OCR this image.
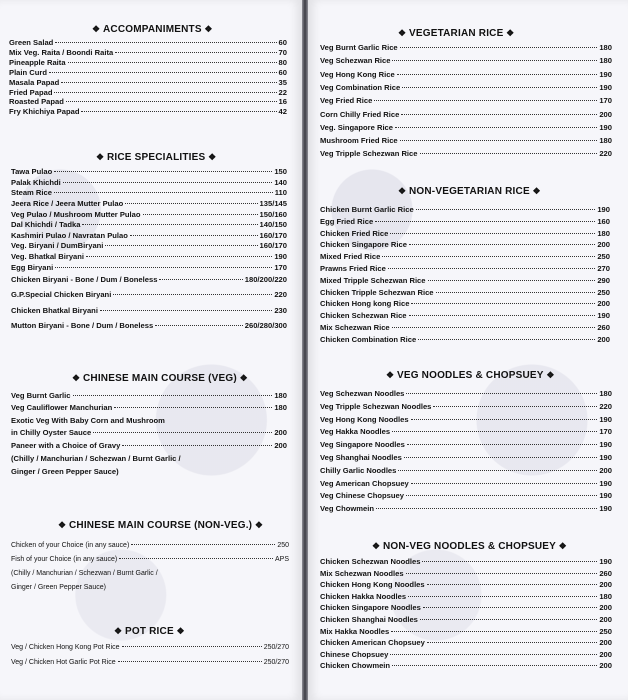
❖ ACCOMPANIMENTS ❖
Green Salad	60
Mix Veg. Raita / Boondi Raita	70
Pineapple Raita	80
Plain Curd	60
Masala Papad	35
Fried Papad	22
Roasted Papad	16
Fry Khichiya Papad	42
❖ RICE SPECIALITIES ❖
Tawa Pulao	150
Palak Khichdi	140
Steam Rice	110
Jeera Rice / Jeera Mutter Pulao	135/145
Veg Pulao / Mushroom Mutter Pulao	150/160
Dal Khichdi / Tadka	140/150
Kashmiri Pulao / Navratan Pulao	160/170
Veg. Biryani / DumBiryani	160/170
Veg. Bhatkal Biryani	190
Egg Biryani	170
Chicken Biryani - Bone / Dum / Boneless	180/200/220
G.P.Special Chicken Biryani	220
Chicken Bhatkal Biryani	230
Mutton Biryani - Bone / Dum / Boneless	260/280/300
❖ CHINESE MAIN COURSE (VEG) ❖
Veg Burnt Garlic	180
Veg Cauliflower Manchurian	180
Exotic Veg With Baby Corn and Mushroom
in Chilly Oyster Sauce	200
Paneer with a Choice of Gravy	200
(Chilly / Manchurian / Schezwan / Burnt Garlic /
Ginger / Green Pepper Sauce)
❖ CHINESE MAIN COURSE (NON-VEG.) ❖
Chicken of your Choice (in any sauce)	250
Fish of your Choice (in any sauce)	APS
(Chilly / Manchurian / Schezwan / Burnt Garlic /
Ginger / Green Pepper Sauce)
❖ POT RICE ❖
Veg / Chicken Hong Kong Pot Rice	250/270
Veg / Chicken Hot Garlic Pot Rice	250/270
❖ VEGETARIAN RICE ❖
Veg Burnt Garlic Rice	180
Veg Schezwan Rice	180
Veg Hong Kong Rice	190
Veg Combination Rice	190
Veg Fried Rice	170
Corn Chilly Fried Rice	200
Veg. Singapore Rice	190
Mushroom Fried Rice	180
Veg Tripple Schezwan Rice	220
❖ NON-VEGETARIAN RICE ❖
Chicken Burnt Garlic Rice	190
Egg Fried Rice	160
Chicken Fried Rice	180
Chicken Singapore Rice	200
Mixed Fried Rice	250
Prawns Fried Rice	270
Mixed Tripple Schezwan Rice	290
Chicken Tripple Schezwan Rice	250
Chicken Hong kong Rice	200
Chicken Schezwan Rice	190
Mix Schezwan Rice	260
Chicken Combination Rice	200
❖ VEG NOODLES & CHOPSUEY ❖
Veg Schezwan Noodles	180
Veg Tripple Schezwan Noodles	220
Veg Hong Kong Noodles	190
Veg Hakka Noodles	170
Veg Singapore Noodles	190
Veg Shanghai Noodles	190
Chilly Garlic Noodles	200
Veg American Chopsuey	190
Veg Chinese Chopsuey	190
Veg Chowmein	190
❖ NON-VEG NOODLES & CHOPSUEY ❖
Chicken Schezwan Noodles	190
Mix Schezwan Noodles	260
Chicken Hong Kong Noodles	200
Chicken Hakka Noodles	180
Chicken Singapore Noodles	200
Chicken Shanghai Noodles	200
Mix Hakka Noodles	250
Chicken American Chopsuey	200
Chinese Chopsuey	200
Chicken Chowmein	200
